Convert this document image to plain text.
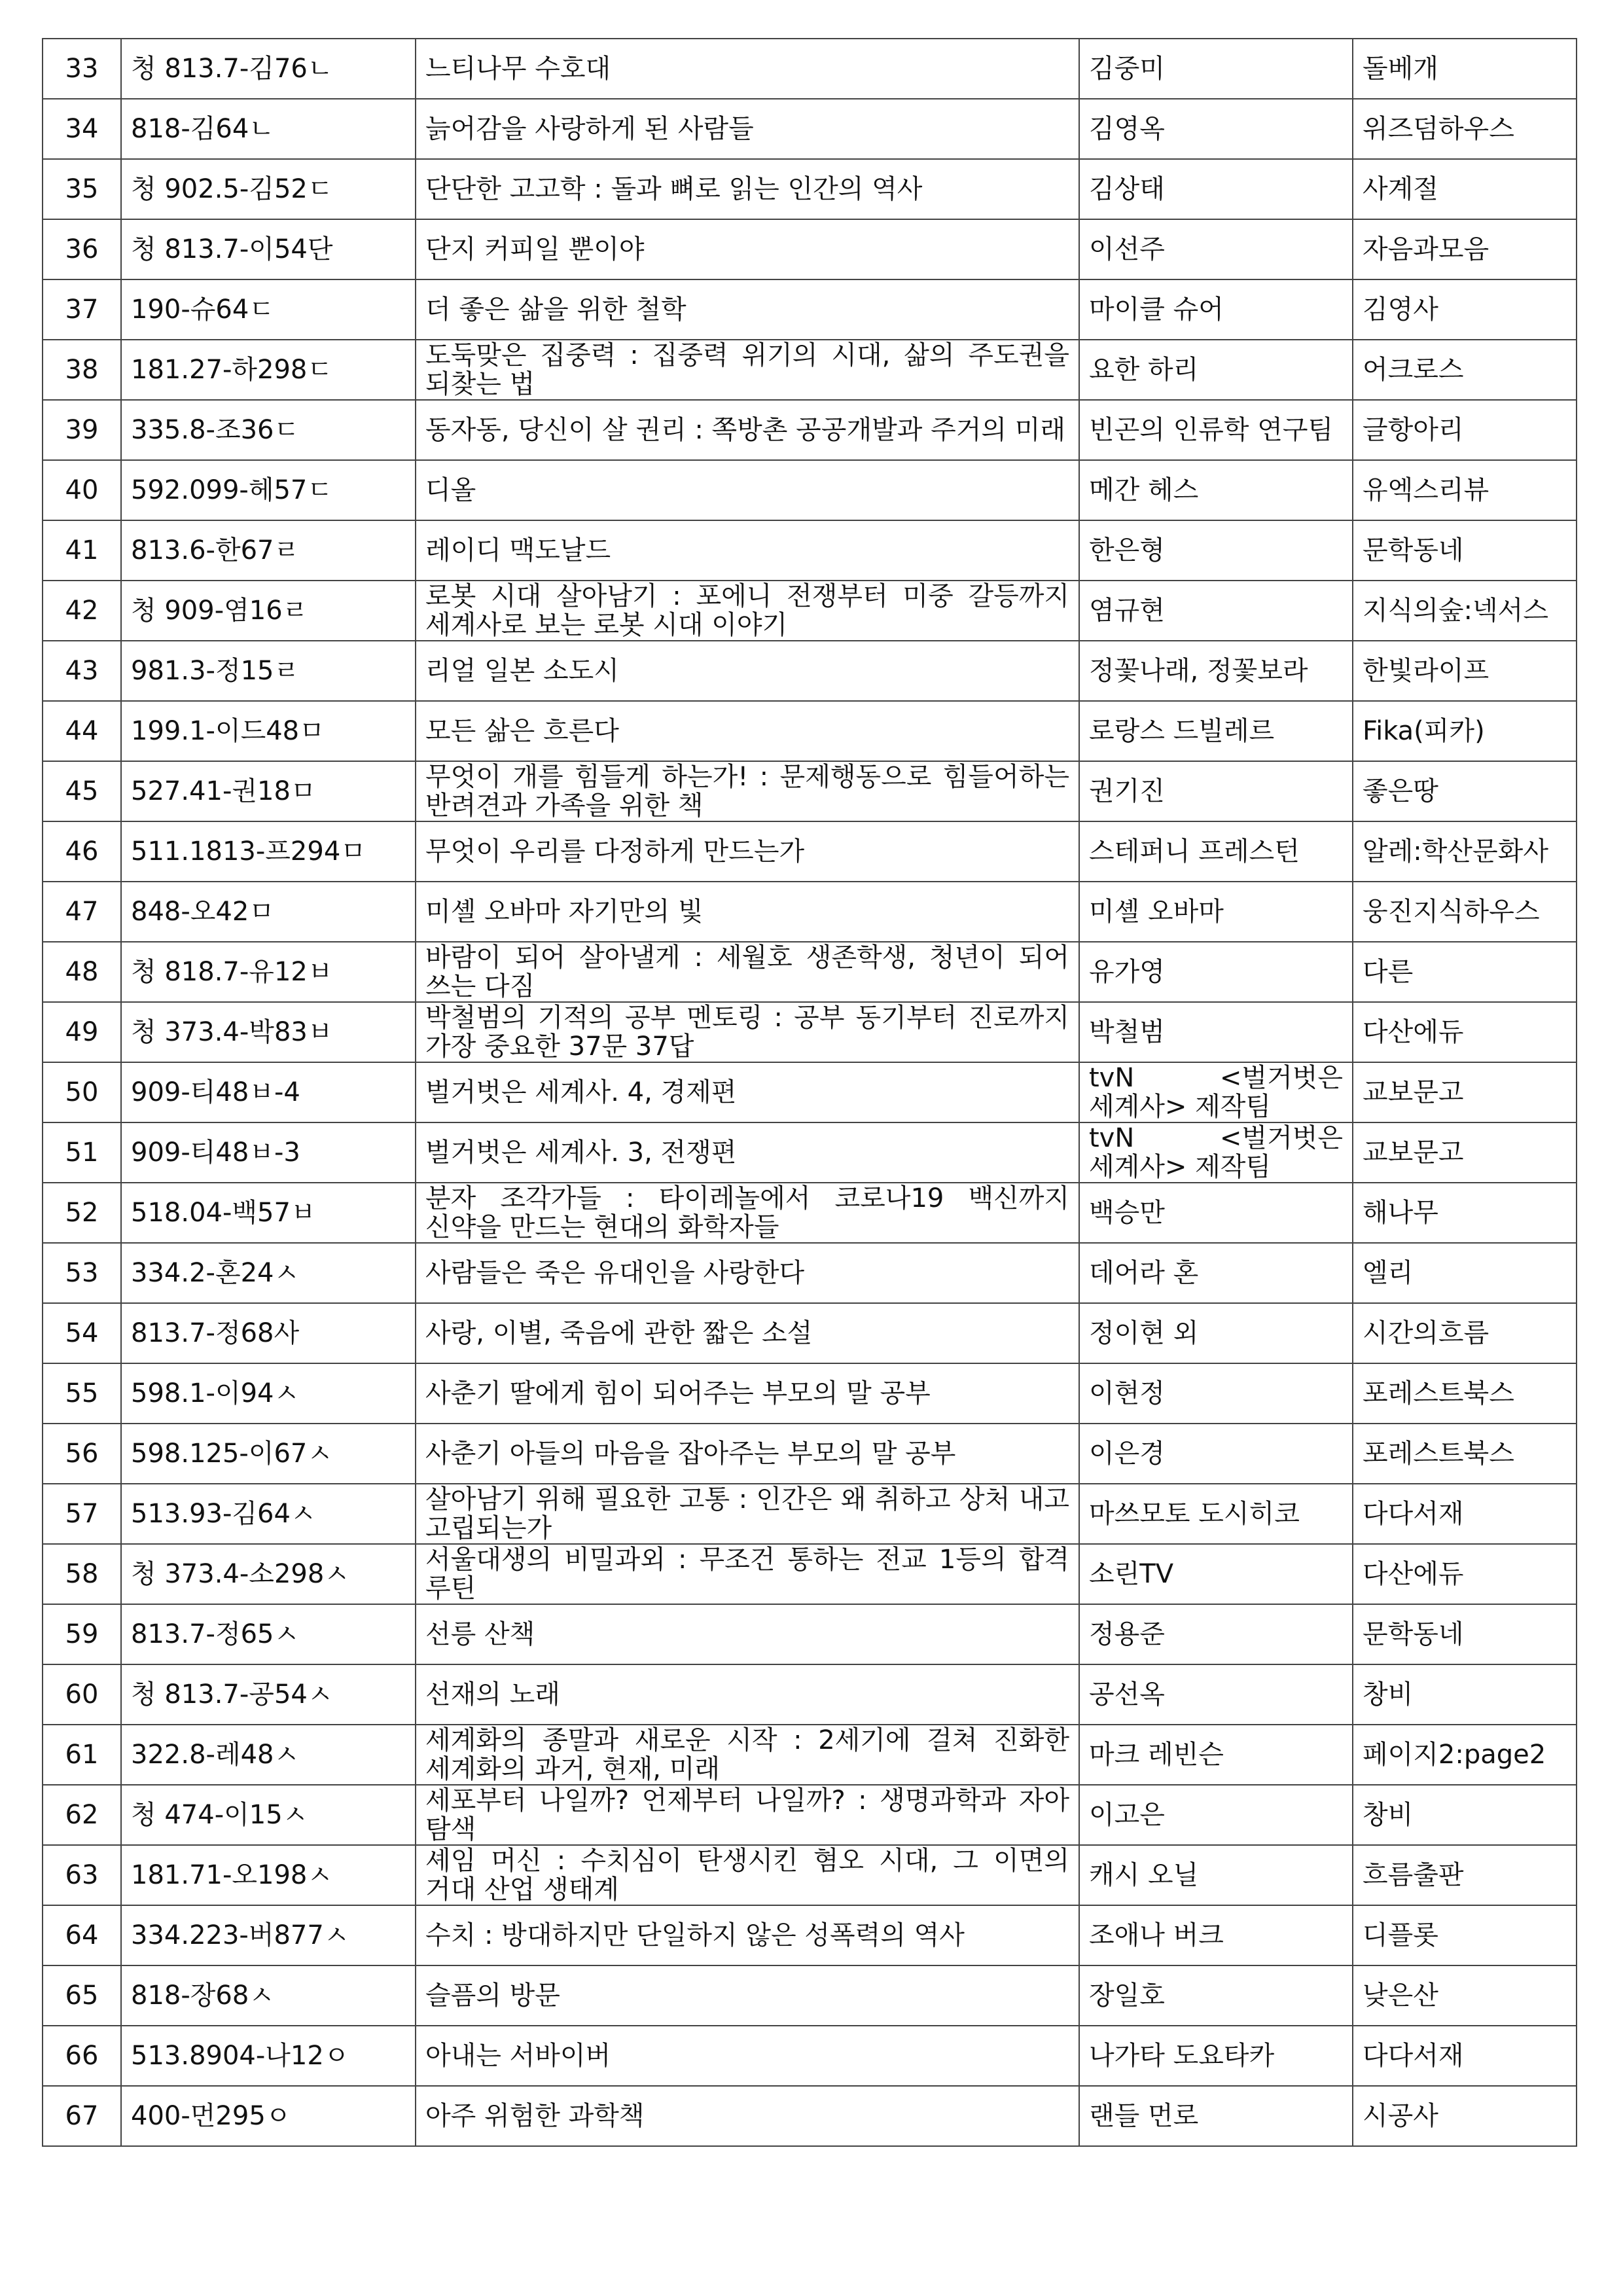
33	청 813.7-김76ㄴ	느티나무 수호대	김중미	돌베개

34	818-김64ㄴ	늙어감을 사랑하게 된 사람들	김영옥	위즈덤하우스

35	청 902.5-김52ㄷ	단단한 고고학 : 돌과 뼈로 읽는 인간의 역사	김상태	사계절

36	청 813.7-이54단	단지 커피일 뿐이야	이선주	자음과모음

37	190-슈64ㄷ	더 좋은 삶을 위한 철학	마이클 슈어	김영사

38	181.27-하298ㄷ	도둑맞은 집중력 : 집중력 위기의 시대, 삶의 주도권을 되찾는 법	요한 하리	어크로스

39	335.8-조36ㄷ	동자동, 당신이 살 권리 : 쪽방촌 공공개발과 주거의 미래	빈곤의 인류학 연구팀	글항아리

40	592.099-헤57ㄷ	디올	메간 헤스	유엑스리뷰

41	813.6-한67ㄹ	레이디 맥도날드	한은형	문학동네

42	청 909-염16ㄹ	로봇 시대 살아남기 : 포에니 전쟁부터 미중 갈등까지 세계사로 보는 로봇 시대 이야기	염규현	지식의숲:넥서스

43	981.3-정15ㄹ	리얼 일본 소도시	정꽃나래, 정꽃보라	한빛라이프

44	199.1-이드48ㅁ	모든 삶은 흐른다	로랑스 드빌레르	Fika(피카)

45	527.41-권18ㅁ	무엇이 개를 힘들게 하는가! : 문제행동으로 힘들어하는 반려견과 가족을 위한 책	권기진	좋은땅

46	511.1813-프294ㅁ	무엇이 우리를 다정하게 만드는가	스테퍼니 프레스턴	알레:학산문화사

47	848-오42ㅁ	미셸 오바마 자기만의 빛	미셸 오바마	웅진지식하우스

48	청 818.7-유12ㅂ	바람이 되어 살아낼게 : 세월호 생존학생, 청년이 되어 쓰는 다짐	유가영	다른

49	청 373.4-박83ㅂ	박철범의 기적의 공부 멘토링 : 공부 동기부터 진로까지 가장 중요한 37문 37답	박철범	다산에듀

50	909-티48ㅂ-4	벌거벗은 세계사. 4, 경제편	tvN <벌거벗은 세계사> 제작팀	교보문고

51	909-티48ㅂ-3	벌거벗은 세계사. 3, 전쟁편	tvN <벌거벗은 세계사> 제작팀	교보문고

52	518.04-백57ㅂ	분자 조각가들 : 타이레놀에서 코로나19 백신까지 신약을 만드는 현대의 화학자들	백승만	해나무

53	334.2-혼24ㅅ	사람들은 죽은 유대인을 사랑한다	데어라 혼	엘리

54	813.7-정68사	사랑, 이별, 죽음에 관한 짧은 소설	정이현 외	시간의흐름

55	598.1-이94ㅅ	사춘기 딸에게 힘이 되어주는 부모의 말 공부	이현정	포레스트북스

56	598.125-이67ㅅ	사춘기 아들의 마음을 잡아주는 부모의 말 공부	이은경	포레스트북스

57	513.93-김64ㅅ	살아남기 위해 필요한 고통 : 인간은 왜 취하고 상처 내고 고립되는가	마쓰모토 도시히코	다다서재

58	청 373.4-소298ㅅ	서울대생의 비밀과외 : 무조건 통하는 전교 1등의 합격 루틴	소린TV	다산에듀

59	813.7-정65ㅅ	선릉 산책	정용준	문학동네

60	청 813.7-공54ㅅ	선재의 노래	공선옥	창비

61	322.8-레48ㅅ	세계화의 종말과 새로운 시작 : 2세기에 걸쳐 진화한 세계화의 과거, 현재, 미래	마크 레빈슨	페이지2:page2

62	청 474-이15ㅅ	세포부터 나일까? 언제부터 나일까? : 생명과학과 자아 탐색	이고은	창비

63	181.71-오198ㅅ	셰임 머신 : 수치심이 탄생시킨 혐오 시대, 그 이면의 거대 산업 생태계	캐시 오닐	흐름출판

64	334.223-버877ㅅ	수치 : 방대하지만 단일하지 않은 성폭력의 역사	조애나 버크	디플롯

65	818-장68ㅅ	슬픔의 방문	장일호	낮은산

66	513.8904-나12ㅇ	아내는 서바이버	나가타 도요타카	다다서재

67	400-먼295ㅇ	아주 위험한 과학책	랜들 먼로	시공사
